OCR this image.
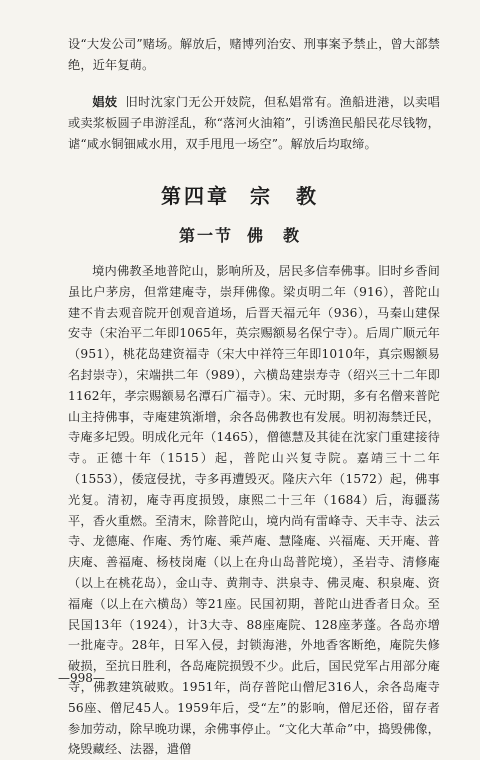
设“大发公司”赌场。解放后，赌博列治安、刑事案予禁止，曾大部禁绝，近年复萌。

娼妓 旧时沈家门无公开妓院，但私娼常有。渔船进港，以卖唱或卖浆板圆子串游淫乱，称“落河火油箱”，引诱渔民船民花尽钱物，谑“咸水铜钿咸水用，双手甩甩一场空”。解放后均取缔。

第四章 宗　教
第一节 佛　教

境内佛教圣地普陀山，影响所及，居民多信奉佛事。旧时乡香间虽比户茅房，但常建庵寺，崇拜佛像。梁贞明二年（916），普陀山建不肯去观音院开创观音道场，后晋天福元年（936），马秦山建保安寺（宋治平二年即1065年，英宗赐额易名保宁寺）。后周广顺元年（951），桃花岛建资福寺（宋大中祥符三年即1010年，真宗赐额易名封崇寺），宋端拱二年（989），六横岛建崇寿寺（绍兴三十二年即1162年，孝宗赐额易名潭石广福寺）。宋、元时期，多有名僧来普陀山主持佛事，寺庵建筑渐增，余各岛佛教也有发展。明初海禁迁民，寺庵多圮毁。明成化元年（1465），僧德慧及其徒在沈家门重建接待寺。正德十年（1515）起，普陀山兴复寺院。嘉靖三十二年（1553），倭寇侵扰，寺多再遭毁灭。隆庆六年（1572）起，佛事光复。清初，庵寺再度损毁，康熙二十三年（1684）后，海疆荡平，香火重燃。至清末，除普陀山，境内尚有雷峰寺、天丰寺、法云寺、龙德庵、作庵、秀竹庵、乘芦庵、慧隆庵、兴福庵、天开庵、普庆庵、善福庵、杨枝岗庵（以上在舟山岛普陀境），圣岩寺、清修庵（以上在桃花岛），金山寺、黄荆寺、洪泉寺、佛灵庵、积泉庵、资福庵（以上在六横岛）等21座。民国初期，普陀山进香者日众。至民国13年（1924），计3大寺、88座庵院、128座茅蓬。各岛亦增一批庵寺。28年，日军入侵，封锁海港，外地香客断绝，庵院失修破损，至抗日胜利，各岛庵院损毁不少。此后，国民党军占用部分庵寺，佛教建筑破败。1951年，尚存普陀山僧尼316人，余各岛庵寺56座、僧尼45人。1959年后，受“左”的影响，僧尼还俗，留存者参加劳动，除早晚功课，余佛事停止。“文化大革命”中，捣毁佛像，烧毁藏经、法器，遣僧

—998—
